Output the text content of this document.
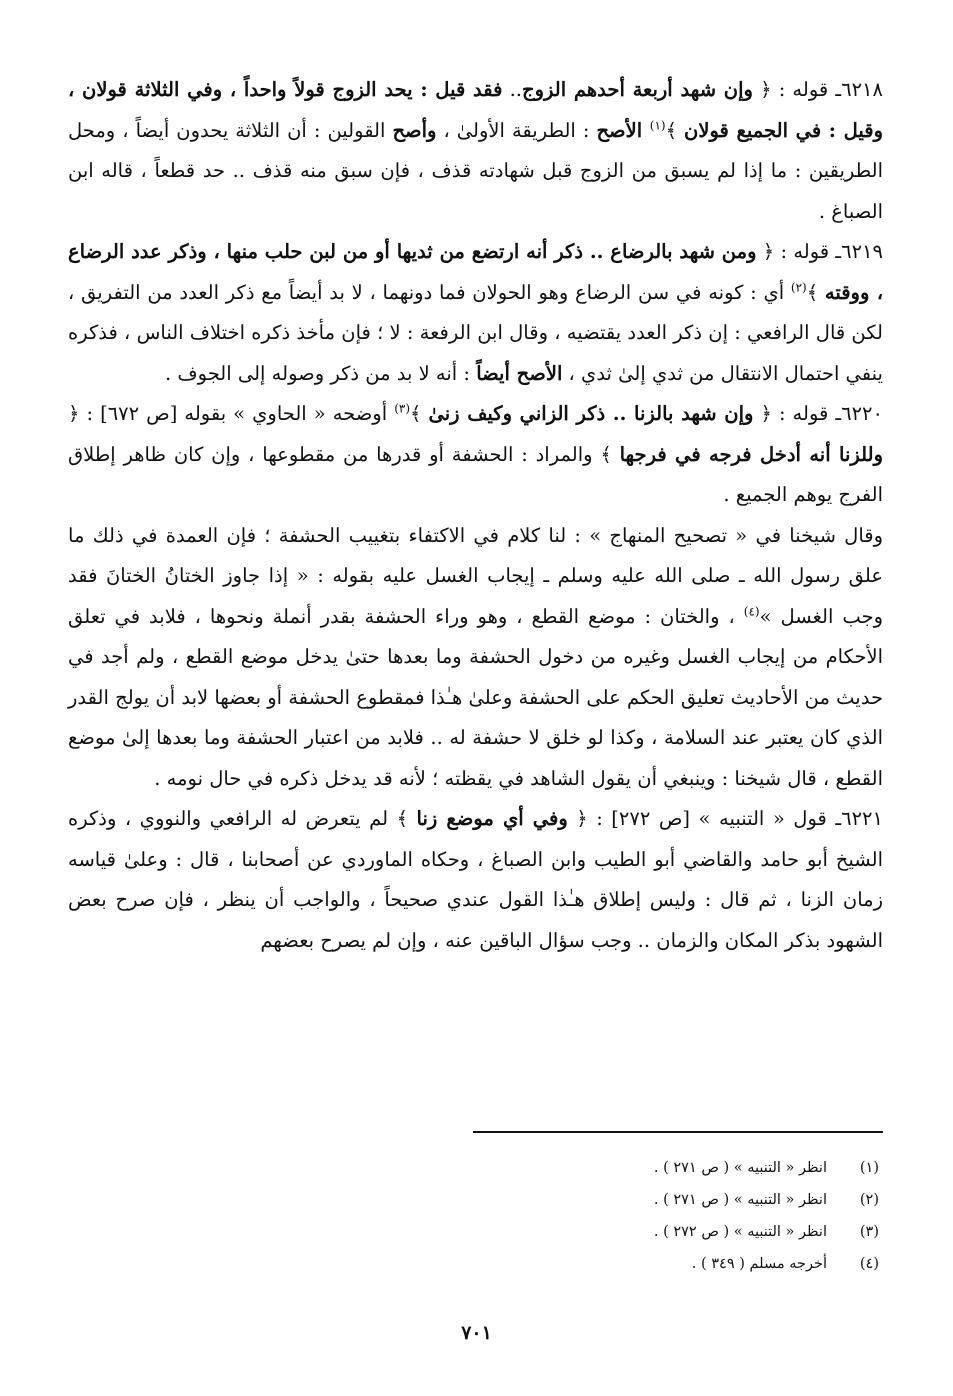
٦٢١٨ـ قوله : ﴿ وإن شهد أربعة أحدهم الزوج.. فقد قيل : يحد الزوج قولاً واحداً ، وفي الثلاثة قولان ، وقيل : في الجميع قولان ﴾$^{(١)}$ الأصح : الطريقة الأولىٰ ، وأصح القولين : أن الثلاثة يحدون أيضاً ، ومحل الطريقين : ما إذا لم يسبق من الزوج قبل شهادته قذف ، فإن سبق منه قذف .. حد قطعاً ، قاله ابن الصباغ .

٦٢١٩ـ قوله : ﴿ ومن شهد بالرضاع .. ذكر أنه ارتضع من ثديها أو من لبن حلب منها ، وذكر عدد الرضاع ، ووقته ﴾$^{(٢)}$ أي : كونه في سن الرضاع وهو الحولان فما دونهما ، لا بد أيضاً مع ذكر العدد من التفريق ، لكن قال الرافعي : إن ذكر العدد يقتضيه ، وقال ابن الرفعة : لا ؛ فإن مأخذ ذكره اختلاف الناس ، فذكره ينفي احتمال الانتقال من ثدي إلىٰ ثدي ، الأصح أيضاً : أنه لا بد من ذكر وصوله إلى الجوف .

٦٢٢٠ـ قوله : ﴿ وإن شهد بالزنا .. ذكر الزاني وكيف زنىٰ ﴾$^{(٣)}$ أوضحه « الحاوي » بقوله [ص ٦٧٢] : ﴿ وللزنا أنه أدخل فرجه في فرجها ﴾ والمراد : الحشفة أو قدرها من مقطوعها ، وإن كان ظاهر إطلاق الفرج يوهم الجميع .

وقال شيخنا في « تصحيح المنهاج » : لنا كلام في الاكتفاء بتغييب الحشفة ؛ فإن العمدة في ذلك ما علق رسول الله ـ صلى الله عليه وسلم ـ إيجاب الغسل عليه بقوله : « إذا جاوز الختانُ الختانَ فقد وجب الغسل »$^{(٤)}$ ، والختان : موضع القطع ، وهو وراء الحشفة بقدر أنملة ونحوها ، فلابد في تعلق الأحكام من إيجاب الغسل وغيره من دخول الحشفة وما بعدها حتىٰ يدخل موضع القطع ، ولم أجد في حديث من الأحاديث تعليق الحكم على الحشفة وعلىٰ هـٰذا فمقطوع الحشفة أو بعضها لابد أن يولج القدر الذي كان يعتبر عند السلامة ، وكذا لو خلق لا حشفة له .. فلابد من اعتبار الحشفة وما بعدها إلىٰ موضع القطع ، قال شيخنا : وينبغي أن يقول الشاهد في يقظته ؛ لأنه قد يدخل ذكره في حال نومه .

٦٢٢١ـ قول « التنبيه » [ص ٢٧٢] : ﴿ وفي أي موضع زنا ﴾ لم يتعرض له الرافعي والنووي ، وذكره الشيخ أبو حامد والقاضي أبو الطيب وابن الصباغ ، وحكاه الماوردي عن أصحابنا ، قال : وعلىٰ قياسه زمان الزنا ، ثم قال : وليس إطلاق هـٰذا القول عندي صحيحاً ، والواجب أن ينظر ، فإن صرح بعض الشهود بذكر المكان والزمان .. وجب سؤال الباقين عنه ، وإن لم يصرح بعضهم

(١)
انظر « التنبيه » ( ص ٢٧١ ) .

(٢)
انظر « التنبيه » ( ص ٢٧١ ) .

(٣)
انظر « التنبيه » ( ص ٢٧٢ ) .

(٤)
أخرجه مسلم ( ٣٤٩ ) .

٧٠١
